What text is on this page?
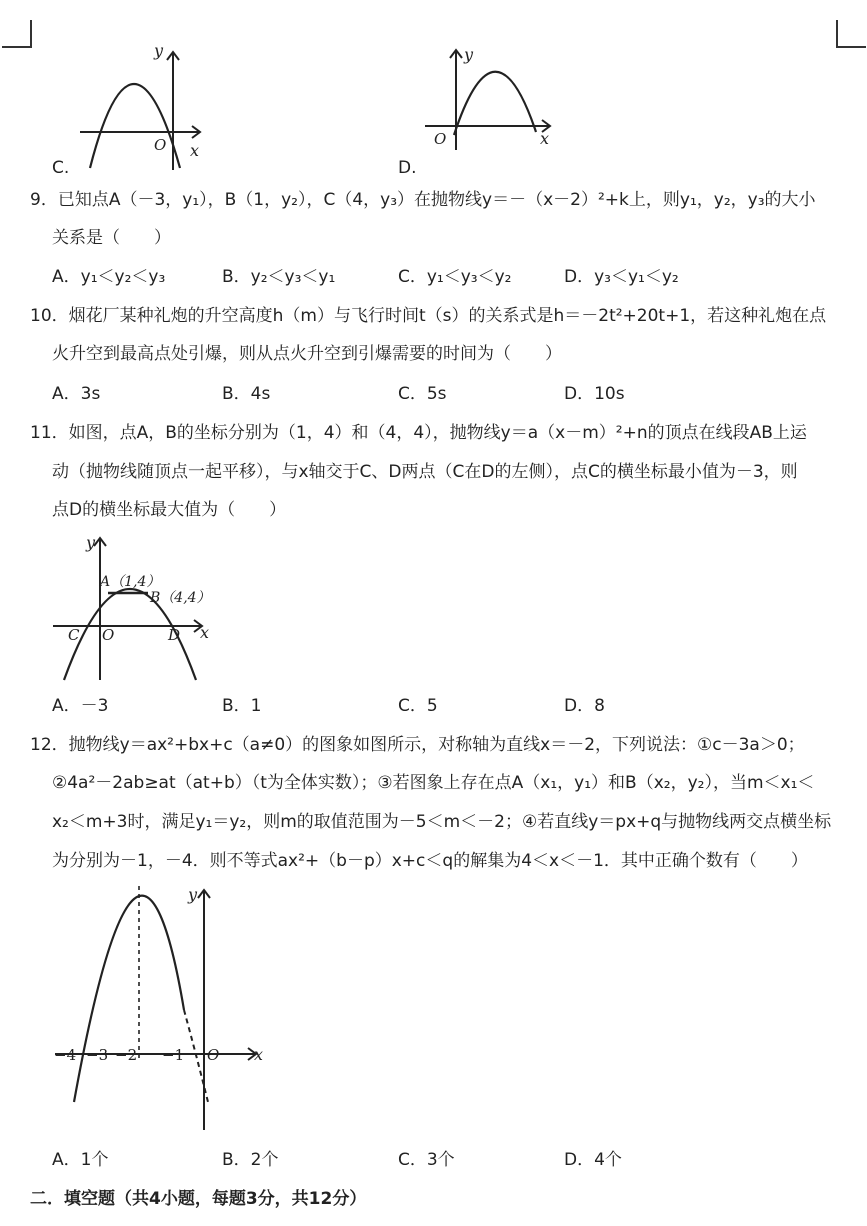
y
x
O
C.
y
x
O
D.
9．已知点A（－3，y₁），B（1，y₂），C（4，y₃）在抛物线y＝－（x－2）²+k上，则y₁，y₂，y₃的大小
关系是（　　）
A．y₁＜y₂＜y₃	B．y₂＜y₃＜y₁	C．y₁＜y₃＜y₂	D．y₃＜y₁＜y₂
10．烟花厂某种礼炮的升空高度h（m）与飞行时间t（s）的关系式是h＝－2t²+20t+1，若这种礼炮在点
火升空到最高点处引爆，则从点火升空到引爆需要的时间为（　　）
A．3s	B．4s	C．5s	D．10s
11．如图，点A，B的坐标分别为（1，4）和（4，4），抛物线y＝a（x－m）²+n的顶点在线段AB上运
动（抛物线随顶点一起平移），与x轴交于C、D两点（C在D的左侧），点C的横坐标最小值为－3，则
点D的横坐标最大值为（　　）
y
x
O
A（1,4）
B（4,4）
C	D
A．－3	B．1	C．5	D．8
12．抛物线y＝ax²+bx+c（a≠0）的图象如图所示，对称轴为直线x＝－2，下列说法：①c－3a＞0；
②4a²－2ab≥at（at+b）（t为全体实数）；③若图象上存在点A（x₁，y₁）和B（x₂，y₂），当m＜x₁＜
x₂＜m+3时，满足y₁＝y₂，则m的取值范围为－5＜m＜－2；④若直线y＝px+q与抛物线两交点横坐标
为分别为－1，－4．则不等式ax²+（b－p）x+c＜q的解集为4＜x＜－1．其中正确个数有（　　）
y
x
O
−4 −3 −2 −1
A．1个	B．2个	C．3个	D．4个
二．填空题（共4小题，每题3分，共12分）
